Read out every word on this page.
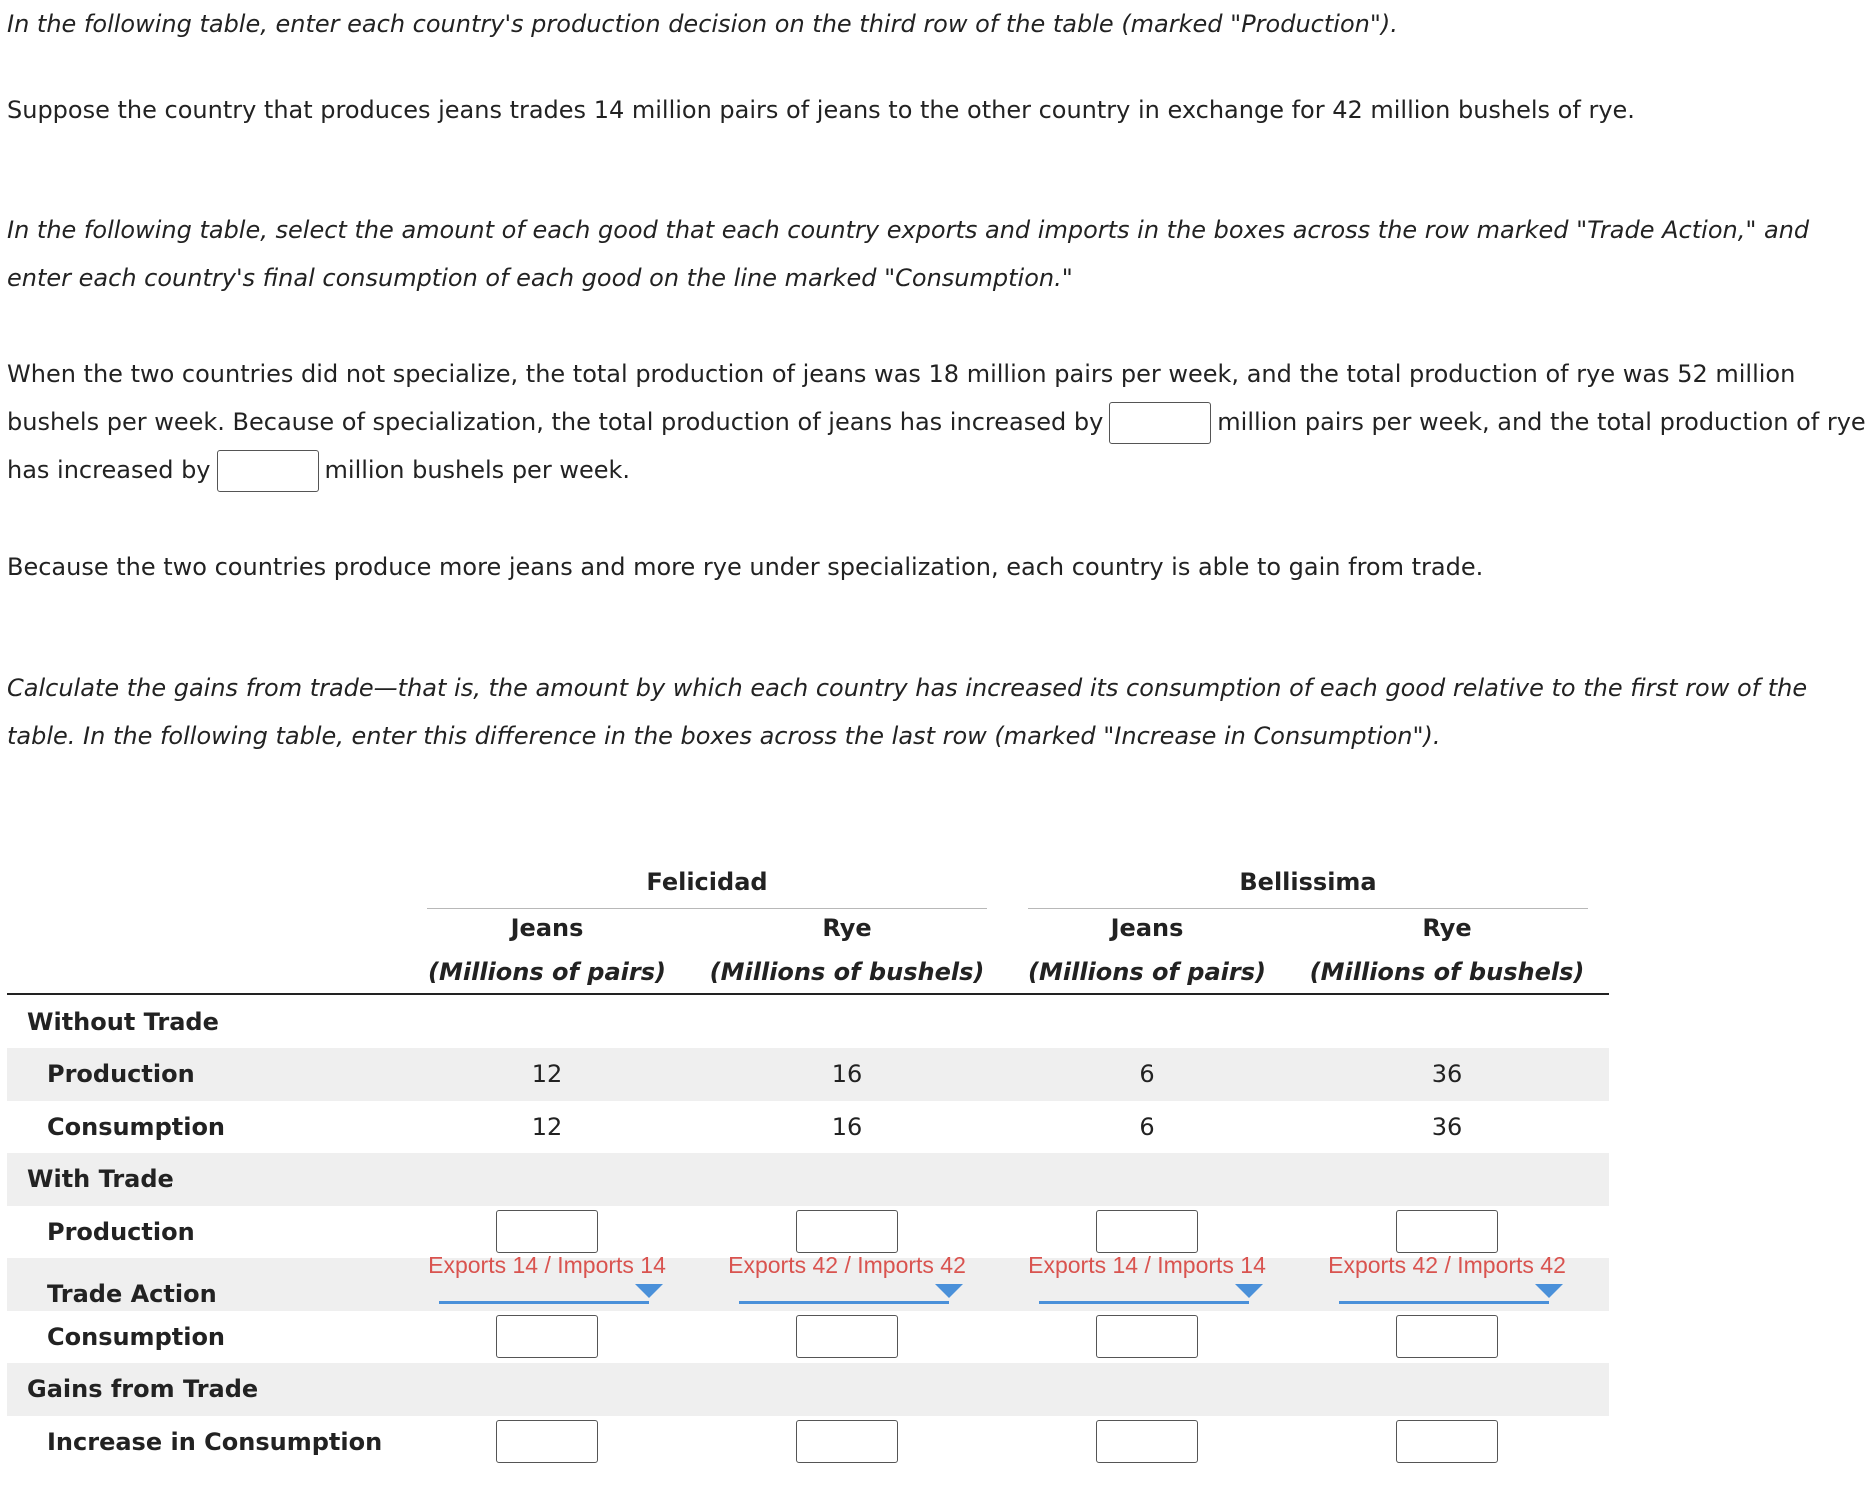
In the following table, enter each country's production decision on the third row of the table (marked "Production").

Suppose the country that produces jeans trades 14 million pairs of jeans to the other country in exchange for 42 million bushels of rye.

In the following table, select the amount of each good that each country exports and imports in the boxes across the row marked "Trade Action," and enter each country's final consumption of each good on the line marked "Consumption."

When the two countries did not specialize, the total production of jeans was 18 million pairs per week, and the total production of rye was 52 million bushels per week. Because of specialization, the total production of jeans has increased by	million pairs per week, and the total production of rye has increased by	million bushels per week.

Because the two countries produce more jeans and more rye under specialization, each country is able to gain from trade.

Calculate the gains from trade—that is, the amount by which each country has increased its consumption of each good relative to the first row of the table. In the following table, enter this difference in the boxes across the last row (marked "Increase in Consumption").

Felicidad	Bellissima
Jeans
(Millions of pairs)
Rye
(Millions of bushels)
Jeans
(Millions of pairs)
Rye
(Millions of bushels)
Without Trade
Production	12	16	6	36
Consumption	12	16	6	36
With Trade
Production
Trade Action
Exports 14 / Imports 14	Exports 42 / Imports 42	Exports 14 / Imports 14	Exports 42 / Imports 42
Consumption
Gains from Trade
Increase in Consumption
